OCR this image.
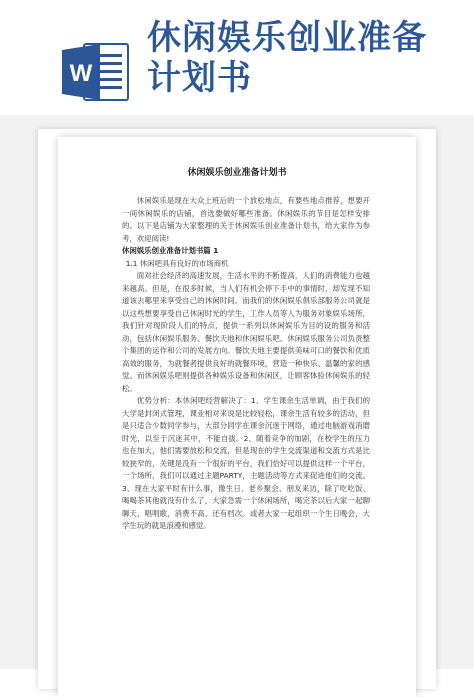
W
休闲娱乐创业准备
计划书
休闲娱乐创业准备计划书

休闲娱乐是现在大众上班后的一个放松地点，有要些地点推荐，想要开一间休闲娱乐的店铺，首选要做好哪些准备。休闲娱乐的节目是怎样安排的。以下是店铺为大家整理的关于休闲娱乐创业准备计划书，给大家作为参考，欢迎阅读!

休闲娱乐创业准备计划书篇 1

1.1 休闲吧具有良好的市场商机

面对社会经济的高速发展，生活水平的不断提高，人们的消费能力也越来越高。但是，在很多时候，当人们有机会停下手中的事情时，却发现不知道该去哪里来享受自己的休闲时间。而我们的休闲娱乐俱乐部服务公司就是以这些想要享受自己休闲时光的学生，工作人员等人为服务对象娱乐场所，我们针对现阶段人们的特点，提供一系列以休闲娱乐为目的设的服务和活动，包括休闲娱乐服务、餐饮天地和休闲娱乐吧。休闲娱乐服务公司负责整个集团的运作和公司的发展方向。餐饮天地主要提供美味可口的餐饮和优质高效的服务，为就餐者提供良好的就餐环境，营造一种快乐、温馨的家的感觉。而休闲娱乐吧则提供各种娱乐设备和休闲区，让顾客体验休闲娱乐的轻松。

优势分析：本休闲吧经营解决了：1、学生课余生活单调，由于我们的大学是封闭式管理，课业相对来说是比较轻松，课余生活有较多的活动，但是只适合少数同学参与，大部分同学在课余沉迷于网络，通过电脑游戏消磨时光，以至于沉迷其中，不能自拔。2、随着竞争的加剧，在校学生的压力也在加大，他们需要放松和交流，但是现在的学生交流渠道和交流方式是比较狭窄的，关键是没有一个很好的平台，我们恰好可以提供这样一个平台，一个场所，我们可以通过主题PARTY，主题活动等方式来促进他们的交流。3、现在大家平时有什么事，像生日、老乡聚会、朋友来访，除了吃吃饭、喝喝茶其他就没有什么了，大家急需一个休闲场所，喝完茶以后大家一起聊聊天，唱唱歌，消费不高，还有档次。或者大家一起组织一个生日晚会，大学生玩的就是浪漫和感觉。
